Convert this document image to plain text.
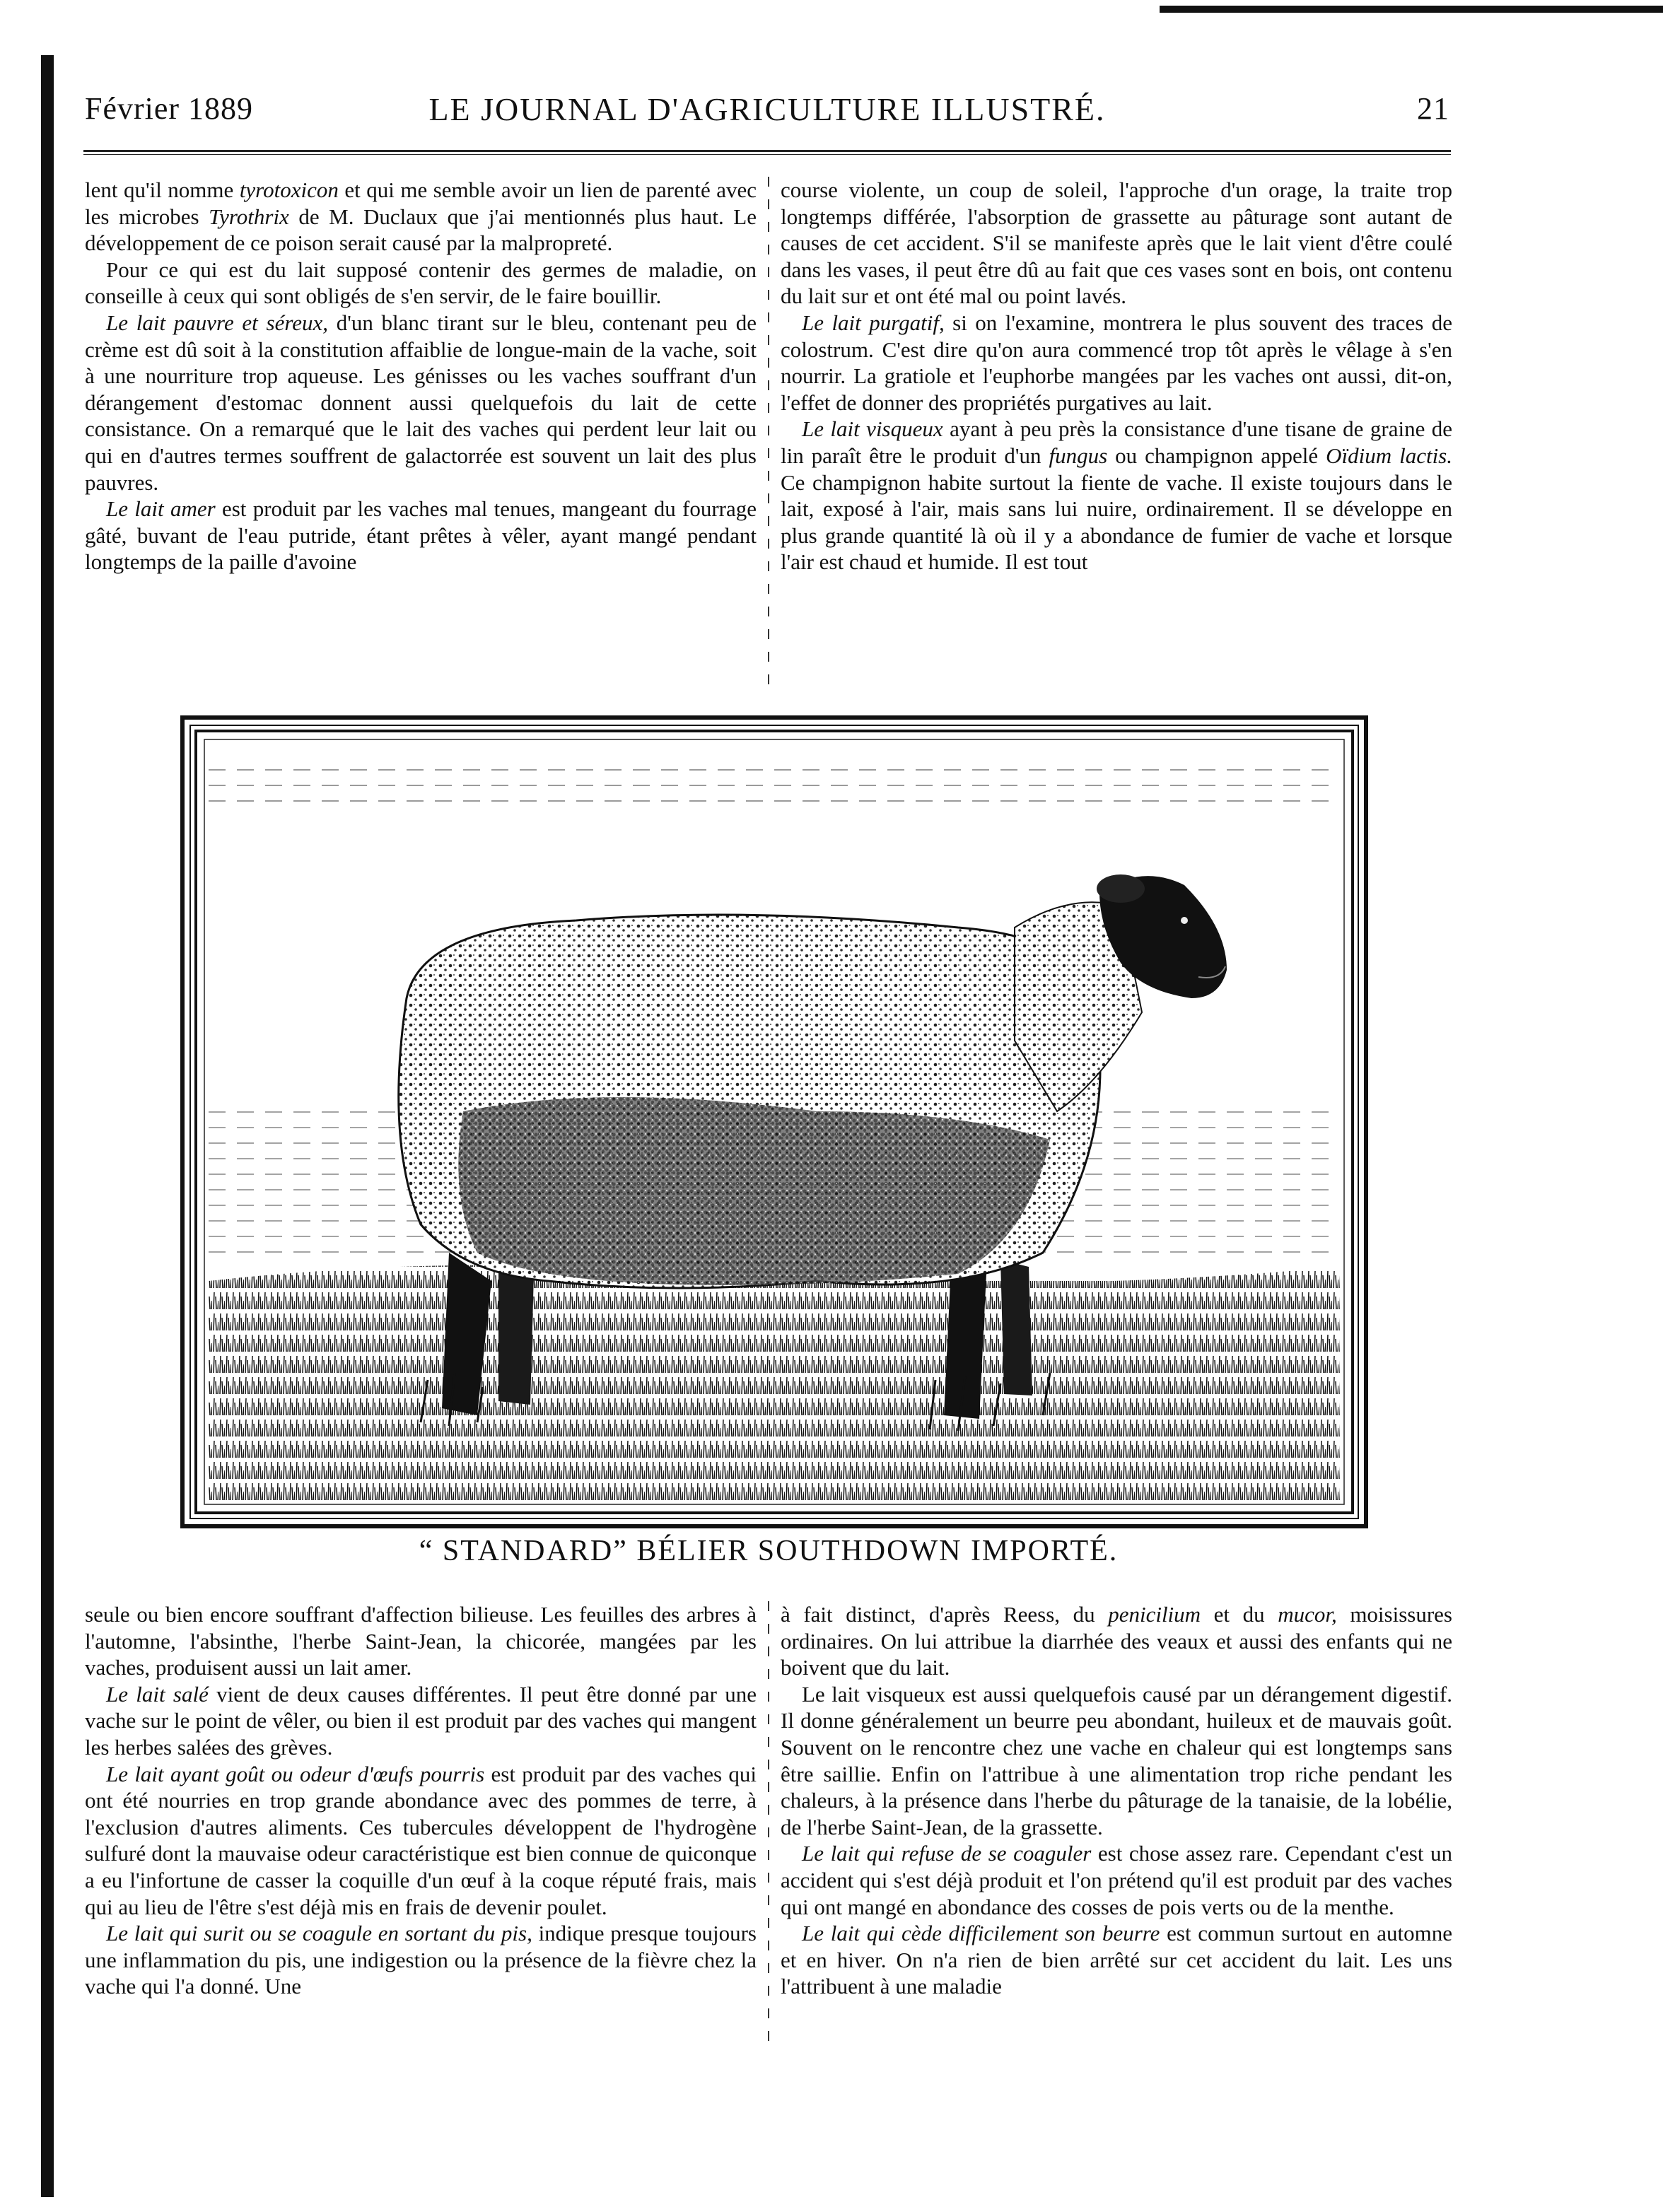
Février 1889	LE JOURNAL D'AGRICULTURE ILLUSTRÉ.	21

lent qu'il nomme tyrotoxicon et qui me semble avoir un lien de parenté avec les microbes Tyrothrix de M. Duclaux que j'ai mentionnés plus haut. Le développement de ce poison serait causé par la malpropreté.

Pour ce qui est du lait supposé contenir des germes de maladie, on conseille à ceux qui sont obligés de s'en servir, de le faire bouillir.

Le lait pauvre et séreux, d'un blanc tirant sur le bleu, contenant peu de crème est dû soit à la constitution affaiblie de longue-main de la vache, soit à une nourriture trop aqueuse. Les génisses ou les vaches souffrant d'un dérangement d'estomac donnent aussi quelquefois du lait de cette consistance. On a remarqué que le lait des vaches qui perdent leur lait ou qui en d'autres termes souffrent de galactorrée est souvent un lait des plus pauvres.

Le lait amer est produit par les vaches mal tenues, mangeant du fourrage gâté, buvant de l'eau putride, étant prêtes à vêler, ayant mangé pendant longtemps de la paille d'avoine

course violente, un coup de soleil, l'approche d'un orage, la traite trop longtemps différée, l'absorption de grassette au pâturage sont autant de causes de cet accident. S'il se manifeste après que le lait vient d'être coulé dans les vases, il peut être dû au fait que ces vases sont en bois, ont contenu du lait sur et ont été mal ou point lavés.

Le lait purgatif, si on l'examine, montrera le plus souvent des traces de colostrum. C'est dire qu'on aura commencé trop tôt après le vêlage à s'en nourrir. La gratiole et l'euphorbe mangées par les vaches ont aussi, dit-on, l'effet de donner des propriétés purgatives au lait.

Le lait visqueux ayant à peu près la consistance d'une tisane de graine de lin paraît être le produit d'un fungus ou champignon appelé Oïdium lactis. Ce champignon habite surtout la fiente de vache. Il existe toujours dans le lait, exposé à l'air, mais sans lui nuire, ordinairement. Il se développe en plus grande quantité là où il y a abondance de fumier de vache et lorsque l'air est chaud et humide. Il est tout

“ STANDARD” BÉLIER SOUTHDOWN IMPORTÉ.

seule ou bien encore souffrant d'affection bilieuse. Les feuilles des arbres à l'automne, l'absinthe, l'herbe Saint-Jean, la chicorée, mangées par les vaches, produisent aussi un lait amer.

Le lait salé vient de deux causes différentes. Il peut être donné par une vache sur le point de vêler, ou bien il est produit par des vaches qui mangent les herbes salées des grèves.

Le lait ayant goût ou odeur d'œufs pourris est produit par des vaches qui ont été nourries en trop grande abondance avec des pommes de terre, à l'exclusion d'autres aliments. Ces tubercules développent de l'hydrogène sulfuré dont la mauvaise odeur caractéristique est bien connue de quiconque a eu l'infortune de casser la coquille d'un œuf à la coque réputé frais, mais qui au lieu de l'être s'est déjà mis en frais de devenir poulet.

Le lait qui surit ou se coagule en sortant du pis, indique presque toujours une inflammation du pis, une indigestion ou la présence de la fièvre chez la vache qui l'a donné. Une

à fait distinct, d'après Reess, du penicilium et du mucor, moisissures ordinaires. On lui attribue la diarrhée des veaux et aussi des enfants qui ne boivent que du lait.

Le lait visqueux est aussi quelquefois causé par un dérangement digestif. Il donne généralement un beurre peu abondant, huileux et de mauvais goût. Souvent on le rencontre chez une vache en chaleur qui est longtemps sans être saillie. Enfin on l'attribue à une alimentation trop riche pendant les chaleurs, à la présence dans l'herbe du pâturage de la tanaisie, de la lobélie, de l'herbe Saint-Jean, de la grassette.

Le lait qui refuse de se coaguler est chose assez rare. Cependant c'est un accident qui s'est déjà produit et l'on prétend qu'il est produit par des vaches qui ont mangé en abondance des cosses de pois verts ou de la menthe.

Le lait qui cède difficilement son beurre est commun surtout en automne et en hiver. On n'a rien de bien arrêté sur cet accident du lait. Les uns l'attribuent à une maladie
